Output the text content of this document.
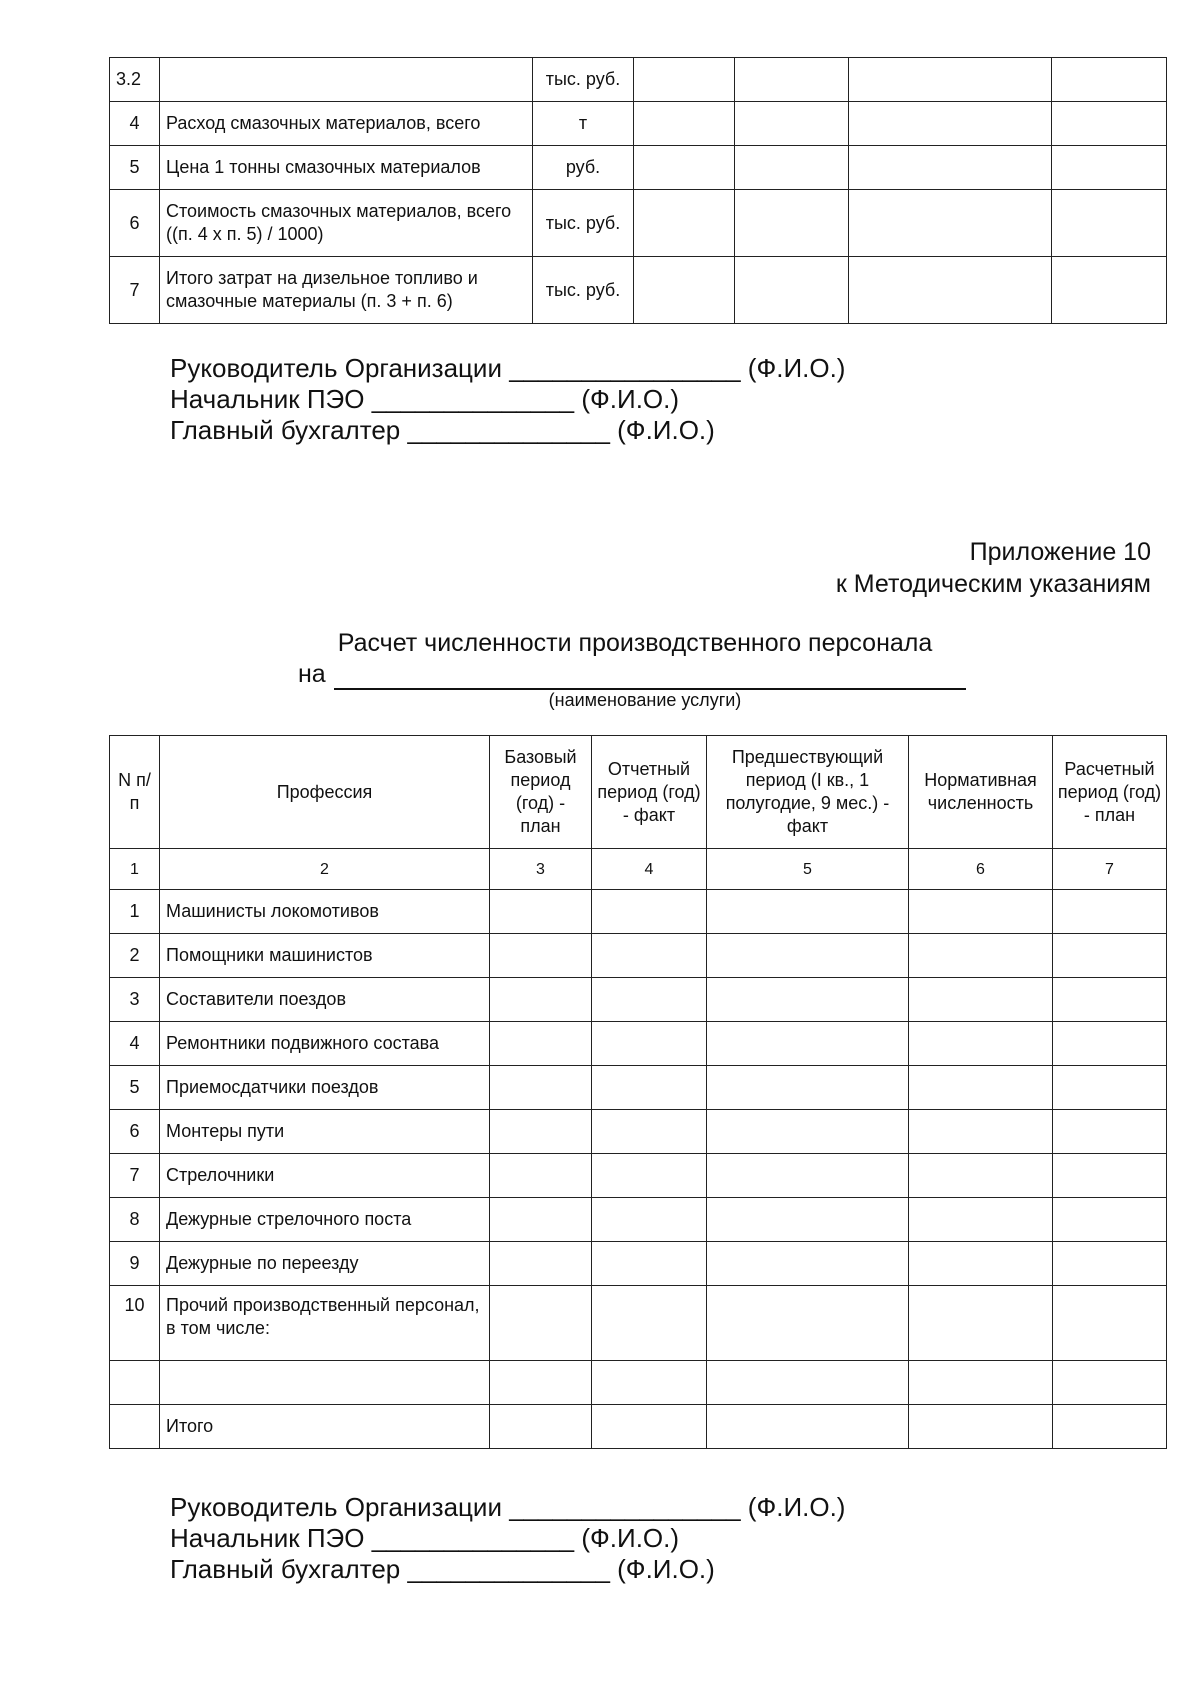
3.2		тыс. руб.				
4	Расход смазочных материалов, всего	т				
5	Цена 1 тонны смазочных материалов	руб.				
6	Стоимость смазочных материалов, всего ((п. 4 х п. 5) / 1000)	тыс. руб.				
7	Итого затрат на дизельное топливо и смазочные материалы (п. 3 + п. 6)	тыс. руб.				
Руководитель Организации ________________ (Ф.И.О.)
Начальник ПЭО ______________ (Ф.И.О.)
Главный бухгалтер ______________ (Ф.И.О.)
Приложение 10
к Методическим указаниям
Расчет численности производственного персонала
на
(наименование услуги)
N п/п	Профессия	Базовый период (год) - план	Отчетный период (год) - факт	Предшествующий период (I кв., 1 полугодие, 9 мес.) - факт	Нормативная численность	Расчетный период (год) - план
1	2	3	4	5	6	7
1	Машинисты локомотивов					
2	Помощники машинистов					
3	Составители поездов					
4	Ремонтники подвижного состава					
5	Приемосдатчики поездов					
6	Монтеры пути					
7	Стрелочники					
8	Дежурные стрелочного поста					
9	Дежурные по переезду					
10	Прочий производственный персонал, в том числе:					

	Итого					
Руководитель Организации ________________ (Ф.И.О.)
Начальник ПЭО ______________ (Ф.И.О.)
Главный бухгалтер ______________ (Ф.И.О.)
